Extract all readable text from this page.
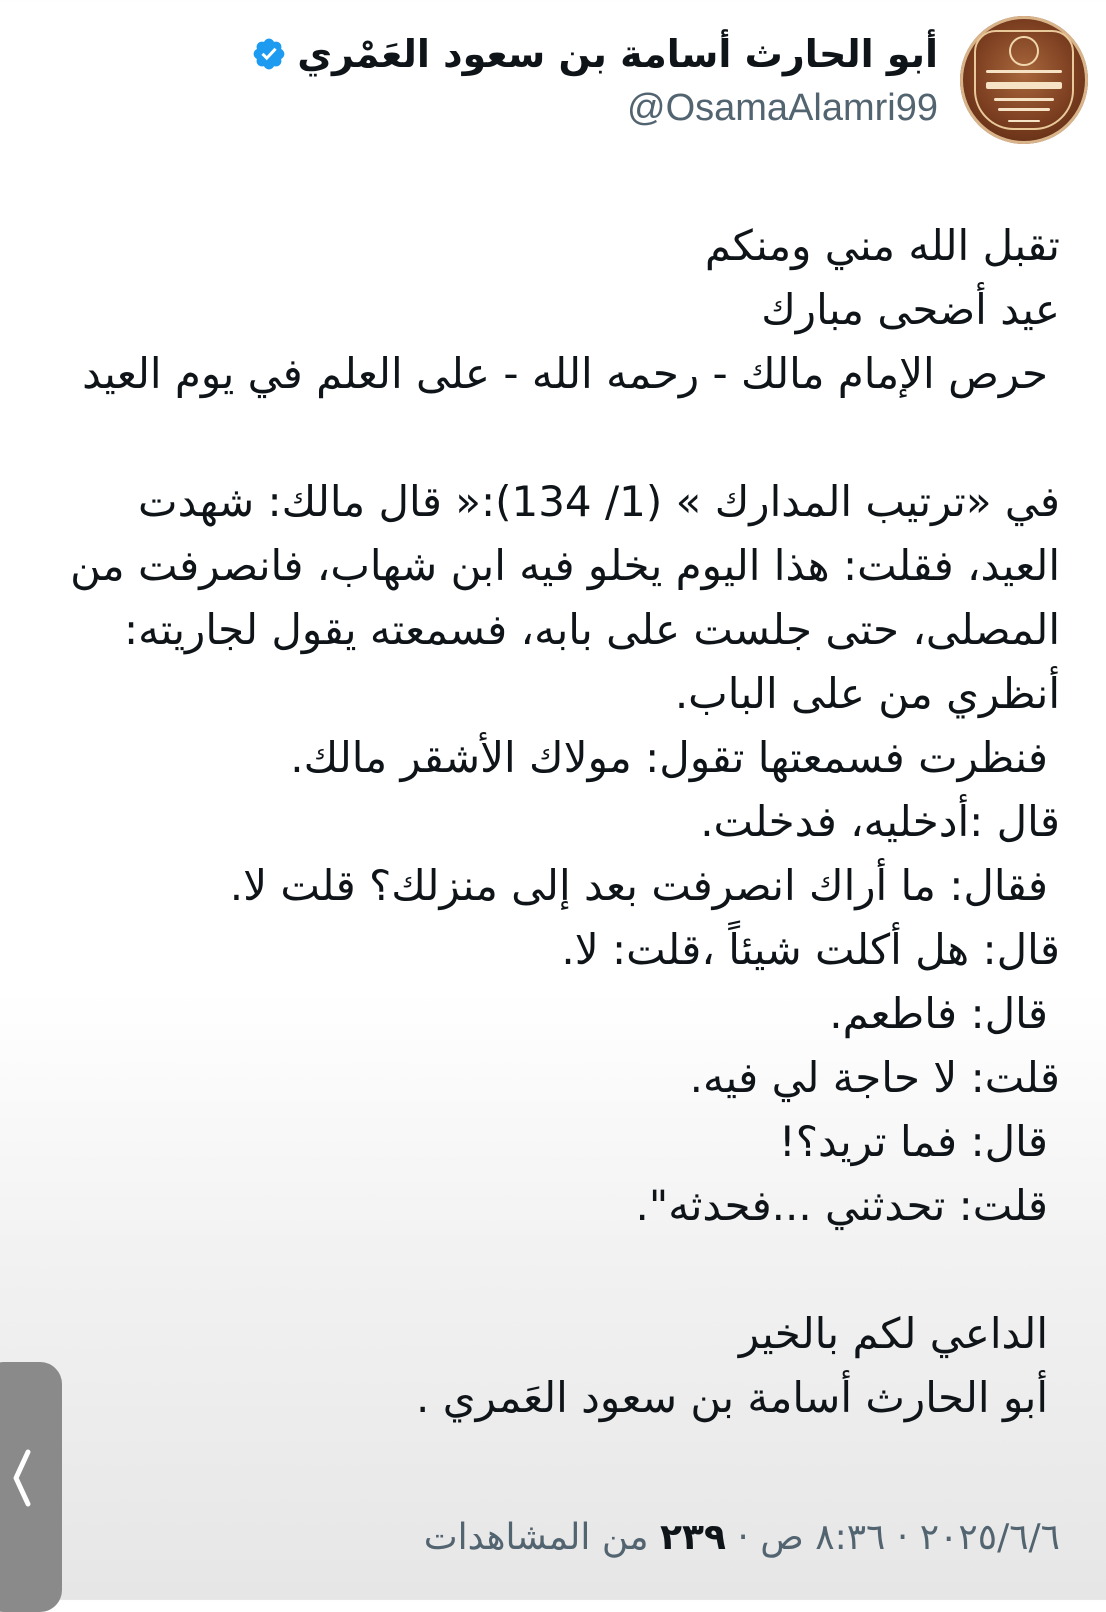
أبو الحارث أسامة بن سعود العَمْري
@OsamaAlamri99
تقبل الله مني ومنكم
عيد أضحى مبارك
حرص الإمام مالك - رحمه الله - على العلم في يوم العيد
في «ترتيب المدارك » (1/ 134):« قال مالك: شهدت
العيد، فقلت: هذا اليوم يخلو فيه ابن شهاب، فانصرفت من
المصلى، حتى جلست على بابه، فسمعته يقول لجاريته:
أنظري من على الباب.
فنظرت فسمعتها تقول: مولاك الأشقر مالك.
قال :أدخليه، فدخلت.
فقال: ما أراك انصرفت بعد إلى منزلك؟ قلت لا.
قال: هل أكلت شيئاً ،قلت: لا.
قال: فاطعم.
قلت: لا حاجة لي فيه.
قال: فما تريد؟!
قلت: تحدثني ...فحدثه".
الداعي لكم بالخير
أبو الحارث أسامة بن سعود العَمري .
٢٠٢٥/٦/٦ · ٨:٣٦ ص · ٢٣٩ من المشاهدات
